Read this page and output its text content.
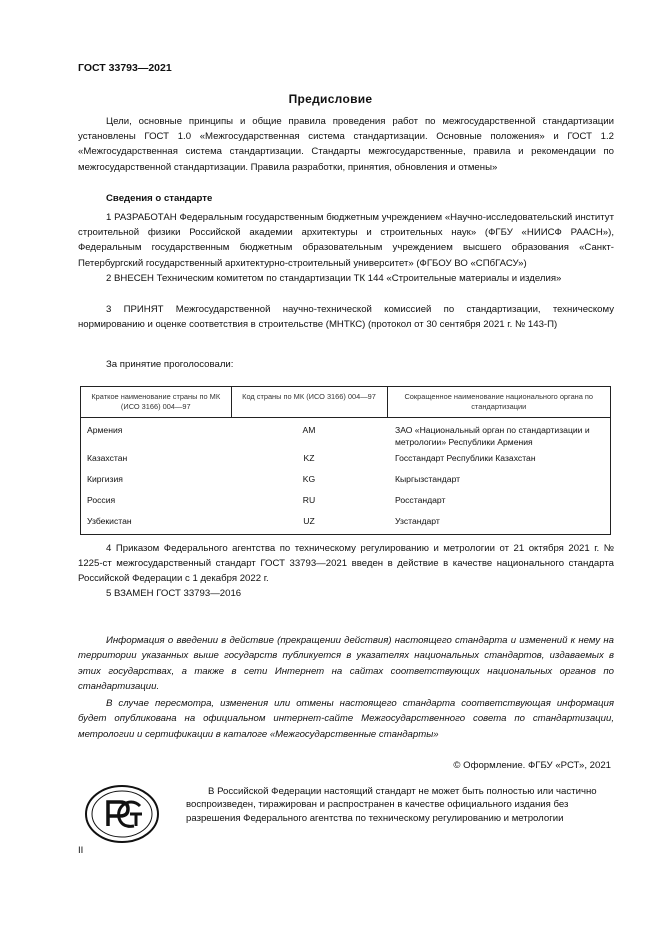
ГОСТ 33793—2021
Предисловие
Цели, основные принципы и общие правила проведения работ по межгосударственной стандартизации установлены ГОСТ 1.0 «Межгосударственная система стандартизации. Основные положения» и ГОСТ 1.2 «Межгосударственная система стандартизации. Стандарты межгосударственные, правила и рекомендации по межгосударственной стандартизации. Правила разработки, принятия, обновления и отмены»
Сведения о стандарте
1 РАЗРАБОТАН Федеральным государственным бюджетным учреждением «Научно-исследовательский институт строительной физики Российской академии архитектуры и строительных наук» (ФГБУ «НИИСФ РААСН»), Федеральным государственным бюджетным образовательным учреждением высшего образования «Санкт-Петербургский государственный архитектурно-строительный университет» (ФГБОУ ВО «СПбГАСУ»)
2 ВНЕСЕН Техническим комитетом по стандартизации ТК 144 «Строительные материалы и изделия»
3 ПРИНЯТ Межгосударственной научно-технической комиссией по стандартизации, техническому нормированию и оценке соответствия в строительстве (МНТКС) (протокол от 30 сентября 2021 г. № 143-П)
За принятие проголосовали:
Краткое наименование страны по МК (ИСО 3166) 004—97	Код страны по МК (ИСО 3166) 004—97	Сокращенное наименование национального органа по стандартизации
Армения	AM	ЗАО «Национальный орган по стандартизации и метрологии» Республики Армения
Казахстан	KZ	Госстандарт Республики Казахстан
Киргизия	KG	Кыргызстандарт
Россия	RU	Росстандарт
Узбекистан	UZ	Узстандарт
4 Приказом Федерального агентства по техническому регулированию и метрологии от 21 октября 2021 г. № 1225-ст межгосударственный стандарт ГОСТ 33793—2021 введен в действие в качестве национального стандарта Российской Федерации с 1 декабря 2022 г.
5 ВЗАМЕН ГОСТ 33793—2016
Информация о введении в действие (прекращении действия) настоящего стандарта и изменений к нему на территории указанных выше государств публикуется в указателях национальных стандартов, издаваемых в этих государствах, а также в сети Интернет на сайтах соответствующих национальных органов по стандартизации.
В случае пересмотра, изменения или отмены настоящего стандарта соответствующая информация будет опубликована на официальном интернет-сайте Межгосударственного совета по стандартизации, метрологии и сертификации в каталоге «Межгосударственные стандарты»
© Оформление. ФГБУ «РСТ», 2021
В Российской Федерации настоящий стандарт не может быть полностью или частично воспроизведен, тиражирован и распространен в качестве официального издания без разрешения Федерального агентства по техническому регулированию и метрологии
II
